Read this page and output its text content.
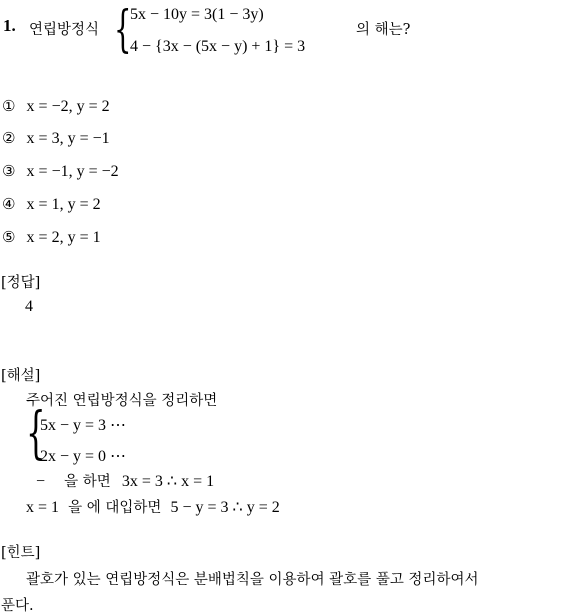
1. 연립방정식 {
5x − 10y = 3(1 − 3y)
4 − {3x − (5x − y) + 1} = 3
의 해는?
① x = −2, y = 2
② x = 3, y = −1
③ x = −1, y = −2
④ x = 1, y = 2
⑤ x = 2, y = 1
[정답]
4
[해설]
주어진 연립방정식을 정리하면
{
5x − y = 3 ⋯
2x − y = 0 ⋯
− 을 하면 3x = 3 ∴ x = 1
x = 1 을 에 대입하면 5 − y = 3 ∴ y = 2
[힌트]
괄호가 있는 연립방정식은 분배법칙을 이용하여 괄호를 풀고 정리하여서
푼다.
